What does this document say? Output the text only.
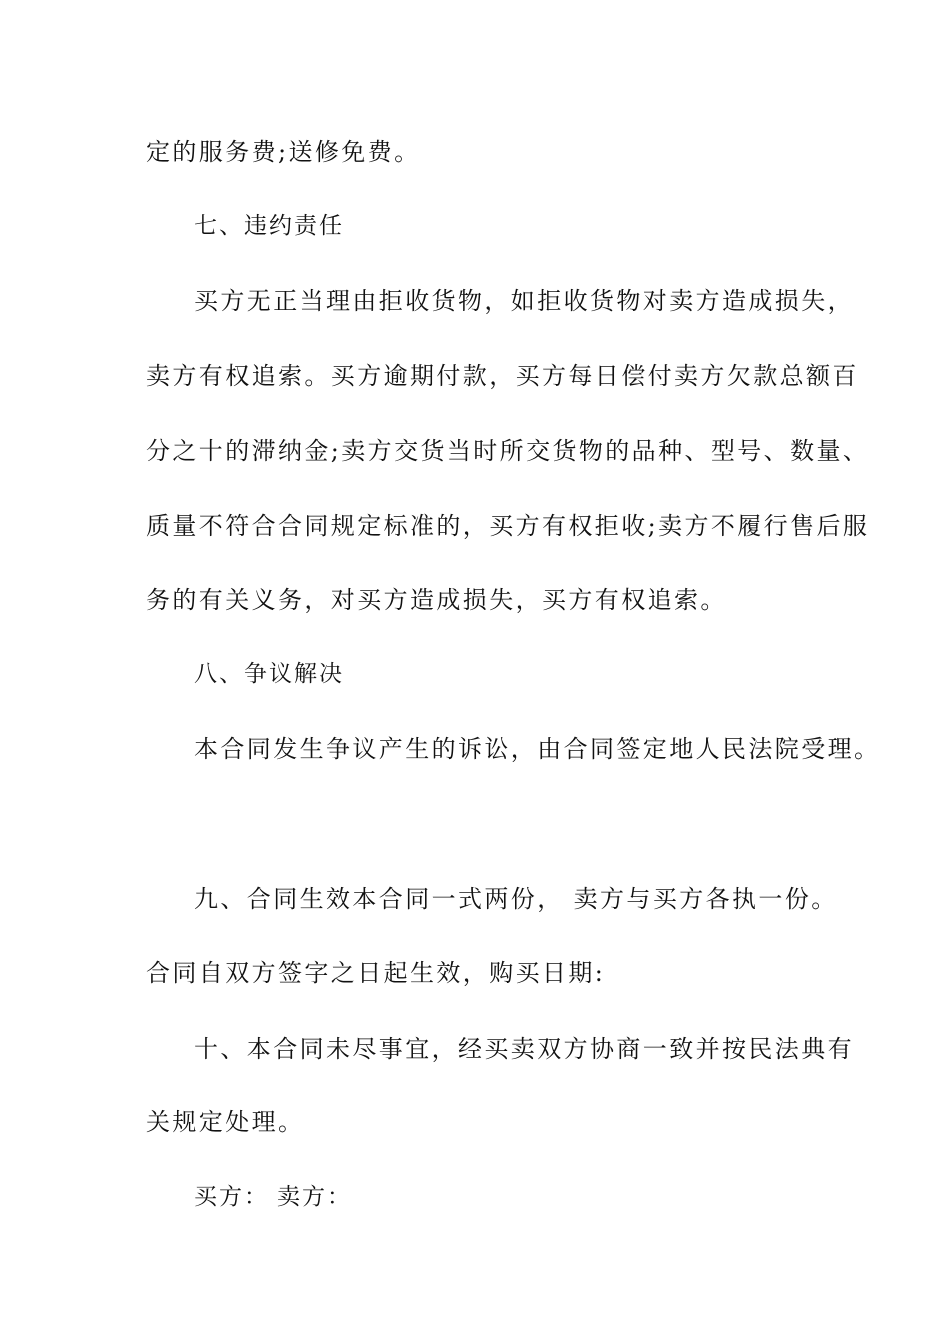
定的服务费;送修免费。
七、违约责任
买方无正当理由拒收货物，如拒收货物对卖方造成损失，
卖方有权追索。买方逾期付款，买方每日偿付卖方欠款总额百
分之十的滞纳金;卖方交货当时所交货物的品种、型号、数量、
质量不符合合同规定标准的，买方有权拒收;卖方不履行售后服
务的有关义务，对买方造成损失，买方有权追索。
八、争议解决
本合同发生争议产生的诉讼，由合同签定地人民法院受理。
九、合同生效本合同一式两份， 卖方与买方各执一份。
合同自双方签字之日起生效，购买日期:
十、本合同未尽事宜，经买卖双方协商一致并按民法典有
关规定处理。
买方： 卖方：
